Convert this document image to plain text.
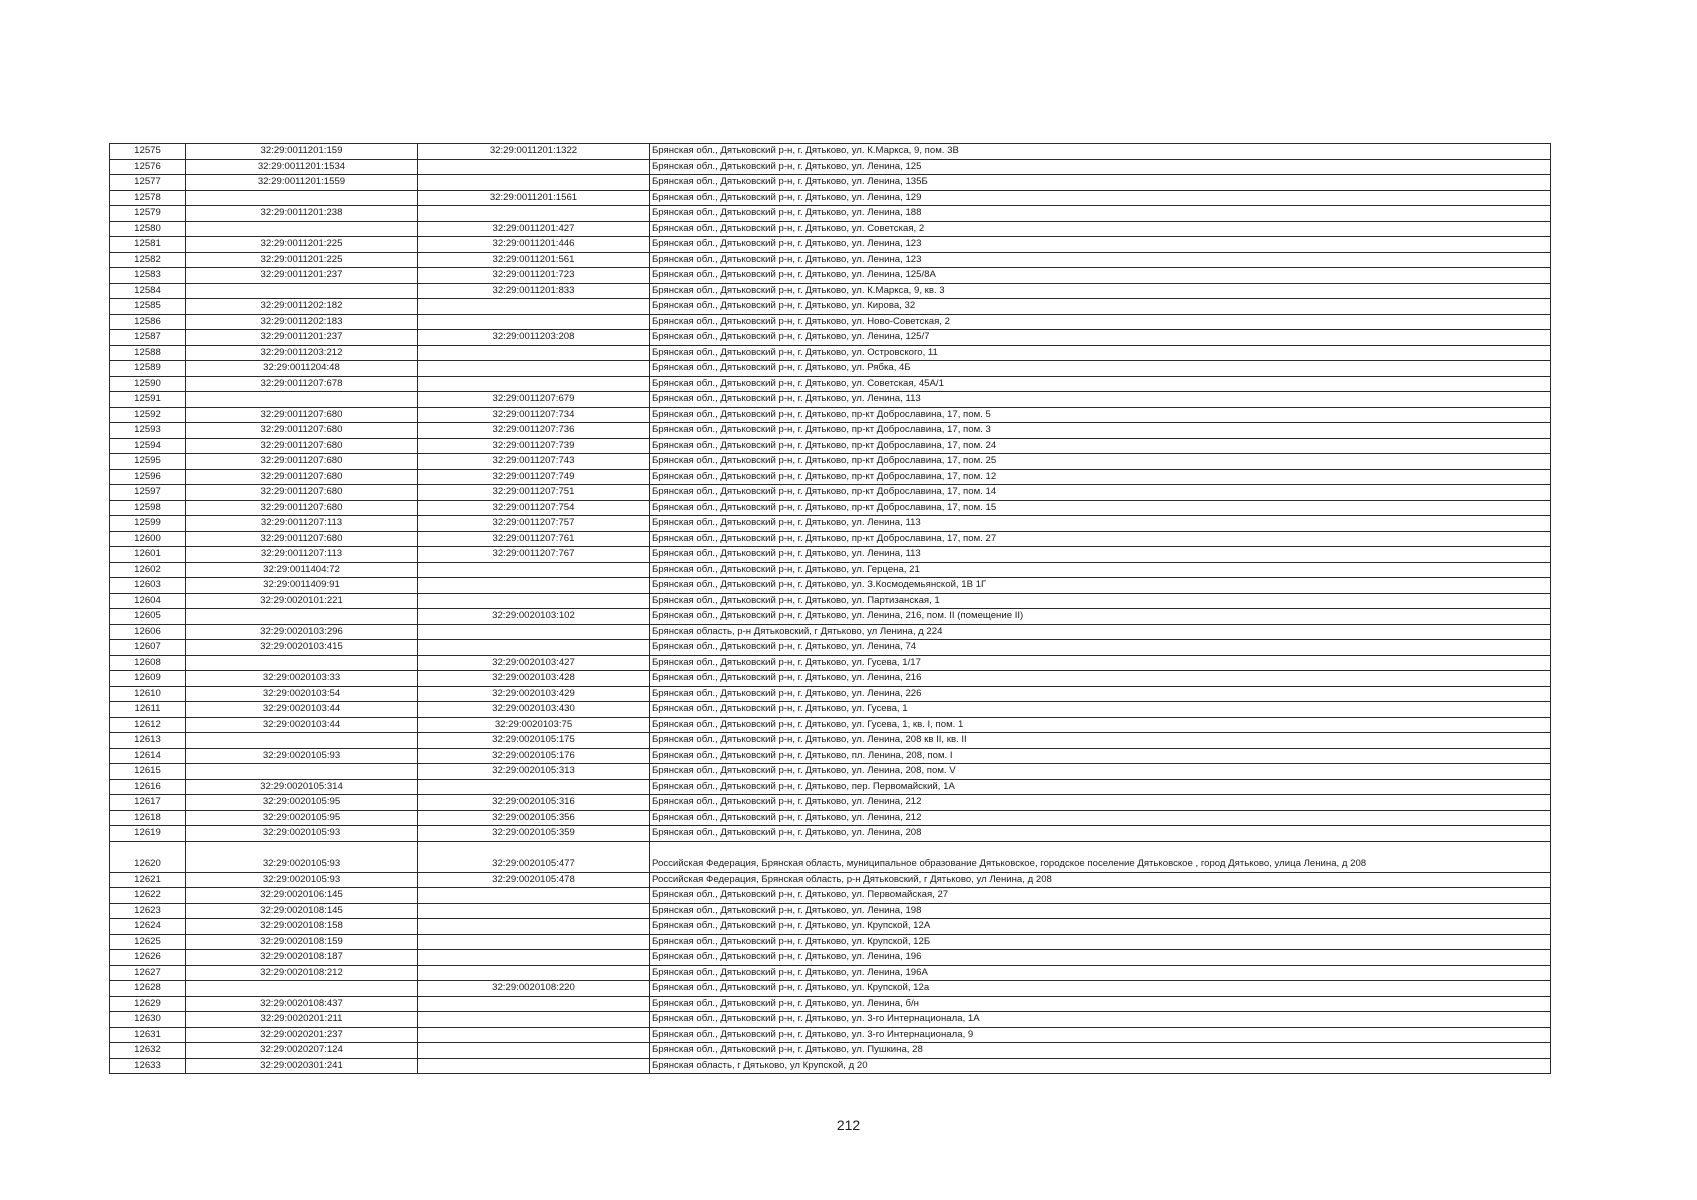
12575	32:29:0011201:159	32:29:0011201:1322	Брянская обл., Дятьковский р-н, г. Дятьково, ул. К.Маркса, 9, пом. 3В
12576	32:29:0011201:1534		Брянская обл., Дятьковский р-н, г. Дятьково, ул. Ленина, 125
12577	32:29:0011201:1559		Брянская обл., Дятьковский р-н, г. Дятьково, ул. Ленина, 135Б
12578		32:29:0011201:1561	Брянская обл., Дятьковский р-н, г. Дятьково, ул. Ленина, 129
12579	32:29:0011201:238		Брянская обл., Дятьковский р-н, г. Дятьково, ул. Ленина, 188
12580		32:29:0011201:427	Брянская обл., Дятьковский р-н, г. Дятьково, ул. Советская, 2
12581	32:29:0011201:225	32:29:0011201:446	Брянская обл., Дятьковский р-н, г. Дятьково, ул. Ленина, 123
12582	32:29:0011201:225	32:29:0011201:561	Брянская обл., Дятьковский р-н, г. Дятьково, ул. Ленина, 123
12583	32:29:0011201:237	32:29:0011201:723	Брянская обл., Дятьковский р-н, г. Дятьково, ул. Ленина, 125/8А
12584		32:29:0011201:833	Брянская обл., Дятьковский р-н, г. Дятьково, ул. К.Маркса, 9, кв. 3
12585	32:29:0011202:182		Брянская обл., Дятьковский р-н, г. Дятьково, ул. Кирова, 32
12586	32:29:0011202:183		Брянская обл., Дятьковский р-н, г. Дятьково, ул. Ново-Советская, 2
12587	32:29:0011201:237	32:29:0011203:208	Брянская обл., Дятьковский р-н, г. Дятьково, ул. Ленина, 125/7
12588	32:29:0011203:212		Брянская обл., Дятьковский р-н, г. Дятьково, ул. Островского, 11
12589	32:29:0011204:48		Брянская обл., Дятьковский р-н, г. Дятьково, ул. Рябка, 4Б
12590	32:29:0011207:678		Брянская обл., Дятьковский р-н, г. Дятьково, ул. Советская, 45А/1
12591		32:29:0011207:679	Брянская обл., Дятьковский р-н, г. Дятьково, ул. Ленина, 113
12592	32:29:0011207:680	32:29:0011207:734	Брянская обл., Дятьковский р-н, г. Дятьково, пр-кт Доброславина, 17, пом. 5
12593	32:29:0011207:680	32:29:0011207:736	Брянская обл., Дятьковский р-н, г. Дятьково, пр-кт Доброславина, 17, пом. 3
12594	32:29:0011207:680	32:29:0011207:739	Брянская обл., Дятьковский р-н, г. Дятьково, пр-кт Доброславина, 17, пом. 24
12595	32:29:0011207:680	32:29:0011207:743	Брянская обл., Дятьковский р-н, г. Дятьково, пр-кт Доброславина, 17, пом. 25
12596	32:29:0011207:680	32:29:0011207:749	Брянская обл., Дятьковский р-н, г. Дятьково, пр-кт Доброславина, 17, пом. 12
12597	32:29:0011207:680	32:29:0011207:751	Брянская обл., Дятьковский р-н, г. Дятьково, пр-кт Доброславина, 17, пом. 14
12598	32:29:0011207:680	32:29:0011207:754	Брянская обл., Дятьковский р-н, г. Дятьково, пр-кт Доброславина, 17, пом. 15
12599	32:29:0011207:113	32:29:0011207:757	Брянская обл., Дятьковский р-н, г. Дятьково, ул. Ленина, 113
12600	32:29:0011207:680	32:29:0011207:761	Брянская обл., Дятьковский р-н, г. Дятьково, пр-кт Доброславина, 17, пом. 27
12601	32:29:0011207:113	32:29:0011207:767	Брянская обл., Дятьковский р-н, г. Дятьково, ул. Ленина, 113
12602	32:29:0011404:72		Брянская обл., Дятьковский р-н, г. Дятьково, ул. Герцена, 21
12603	32:29:0011409:91		Брянская обл., Дятьковский р-н, г. Дятьково, ул. З.Космодемьянской, 1В 1Г
12604	32:29:0020101:221		Брянская обл., Дятьковский р-н, г. Дятьково, ул. Партизанская, 1
12605		32:29:0020103:102	Брянская обл., Дятьковский р-н, г. Дятьково, ул. Ленина, 216, пом. II (помещение II)
12606	32:29:0020103:296		Брянская область, р-н Дятьковский, г Дятьково, ул Ленина, д 224
12607	32:29:0020103:415		Брянская обл., Дятьковский р-н, г. Дятьково, ул. Ленина, 74
12608		32:29:0020103:427	Брянская обл., Дятьковский р-н, г. Дятьково, ул. Гусева, 1/17
12609	32:29:0020103:33	32:29:0020103:428	Брянская обл., Дятьковский р-н, г. Дятьково, ул. Ленина, 216
12610	32:29:0020103:54	32:29:0020103:429	Брянская обл., Дятьковский р-н, г. Дятьково, ул. Ленина, 226
12611	32:29:0020103:44	32:29:0020103:430	Брянская обл., Дятьковский р-н, г. Дятьково, ул. Гусева, 1
12612	32:29:0020103:44	32:29:0020103:75	Брянская обл., Дятьковский р-н, г. Дятьково, ул. Гусева, 1, кв. I, пом. 1
12613		32:29:0020105:175	Брянская обл., Дятьковский р-н, г. Дятьково, ул. Ленина, 208 кв II, кв. II
12614	32:29:0020105:93	32:29:0020105:176	Брянская обл., Дятьковский р-н, г. Дятьково, пл. Ленина, 208, пом. I
12615		32:29:0020105:313	Брянская обл., Дятьковский р-н, г. Дятьково, ул. Ленина, 208, пом. V
12616	32:29:0020105:314		Брянская обл., Дятьковский р-н, г. Дятьково, пер. Первомайский, 1А
12617	32:29:0020105:95	32:29:0020105:316	Брянская обл., Дятьковский р-н, г. Дятьково, ул. Ленина, 212
12618	32:29:0020105:95	32:29:0020105:356	Брянская обл., Дятьковский р-н, г. Дятьково, ул. Ленина, 212
12619	32:29:0020105:93	32:29:0020105:359	Брянская обл., Дятьковский р-н, г. Дятьково, ул. Ленина, 208
12620	32:29:0020105:93	32:29:0020105:477	Российская Федерация, Брянская область, муниципальное образование Дятьковское, городское поселение Дятьковское , город Дятьково, улица Ленина, д 208
12621	32:29:0020105:93	32:29:0020105:478	Российская Федерация, Брянская область, р-н Дятьковский, г Дятьково, ул Ленина, д 208
12622	32:29:0020106:145		Брянская обл., Дятьковский р-н, г. Дятьково, ул. Первомайская, 27
12623	32:29:0020108:145		Брянская обл., Дятьковский р-н, г. Дятьково, ул. Ленина, 198
12624	32:29:0020108:158		Брянская обл., Дятьковский р-н, г. Дятьково, ул. Крупской, 12А
12625	32:29:0020108:159		Брянская обл., Дятьковский р-н, г. Дятьково, ул. Крупской, 12Б
12626	32:29:0020108:187		Брянская обл., Дятьковский р-н, г. Дятьково, ул. Ленина, 196
12627	32:29:0020108:212		Брянская обл., Дятьковский р-н, г. Дятьково, ул. Ленина, 196А
12628		32:29:0020108:220	Брянская обл., Дятьковский р-н, г. Дятьково, ул. Крупской, 12а
12629	32:29:0020108:437		Брянская обл., Дятьковский р-н, г. Дятьково, ул. Ленина, б/н
12630	32:29:0020201:211		Брянская обл., Дятьковский р-н, г. Дятьково, ул. 3-го Интернационала, 1А
12631	32:29:0020201:237		Брянская обл., Дятьковский р-н, г. Дятьково, ул. 3-го Интернационала, 9
12632	32:29:0020207:124		Брянская обл., Дятьковский р-н, г. Дятьково, ул. Пушкина, 28
12633	32:29:0020301:241		Брянская область, г Дятьково, ул Крупской, д 20
212
